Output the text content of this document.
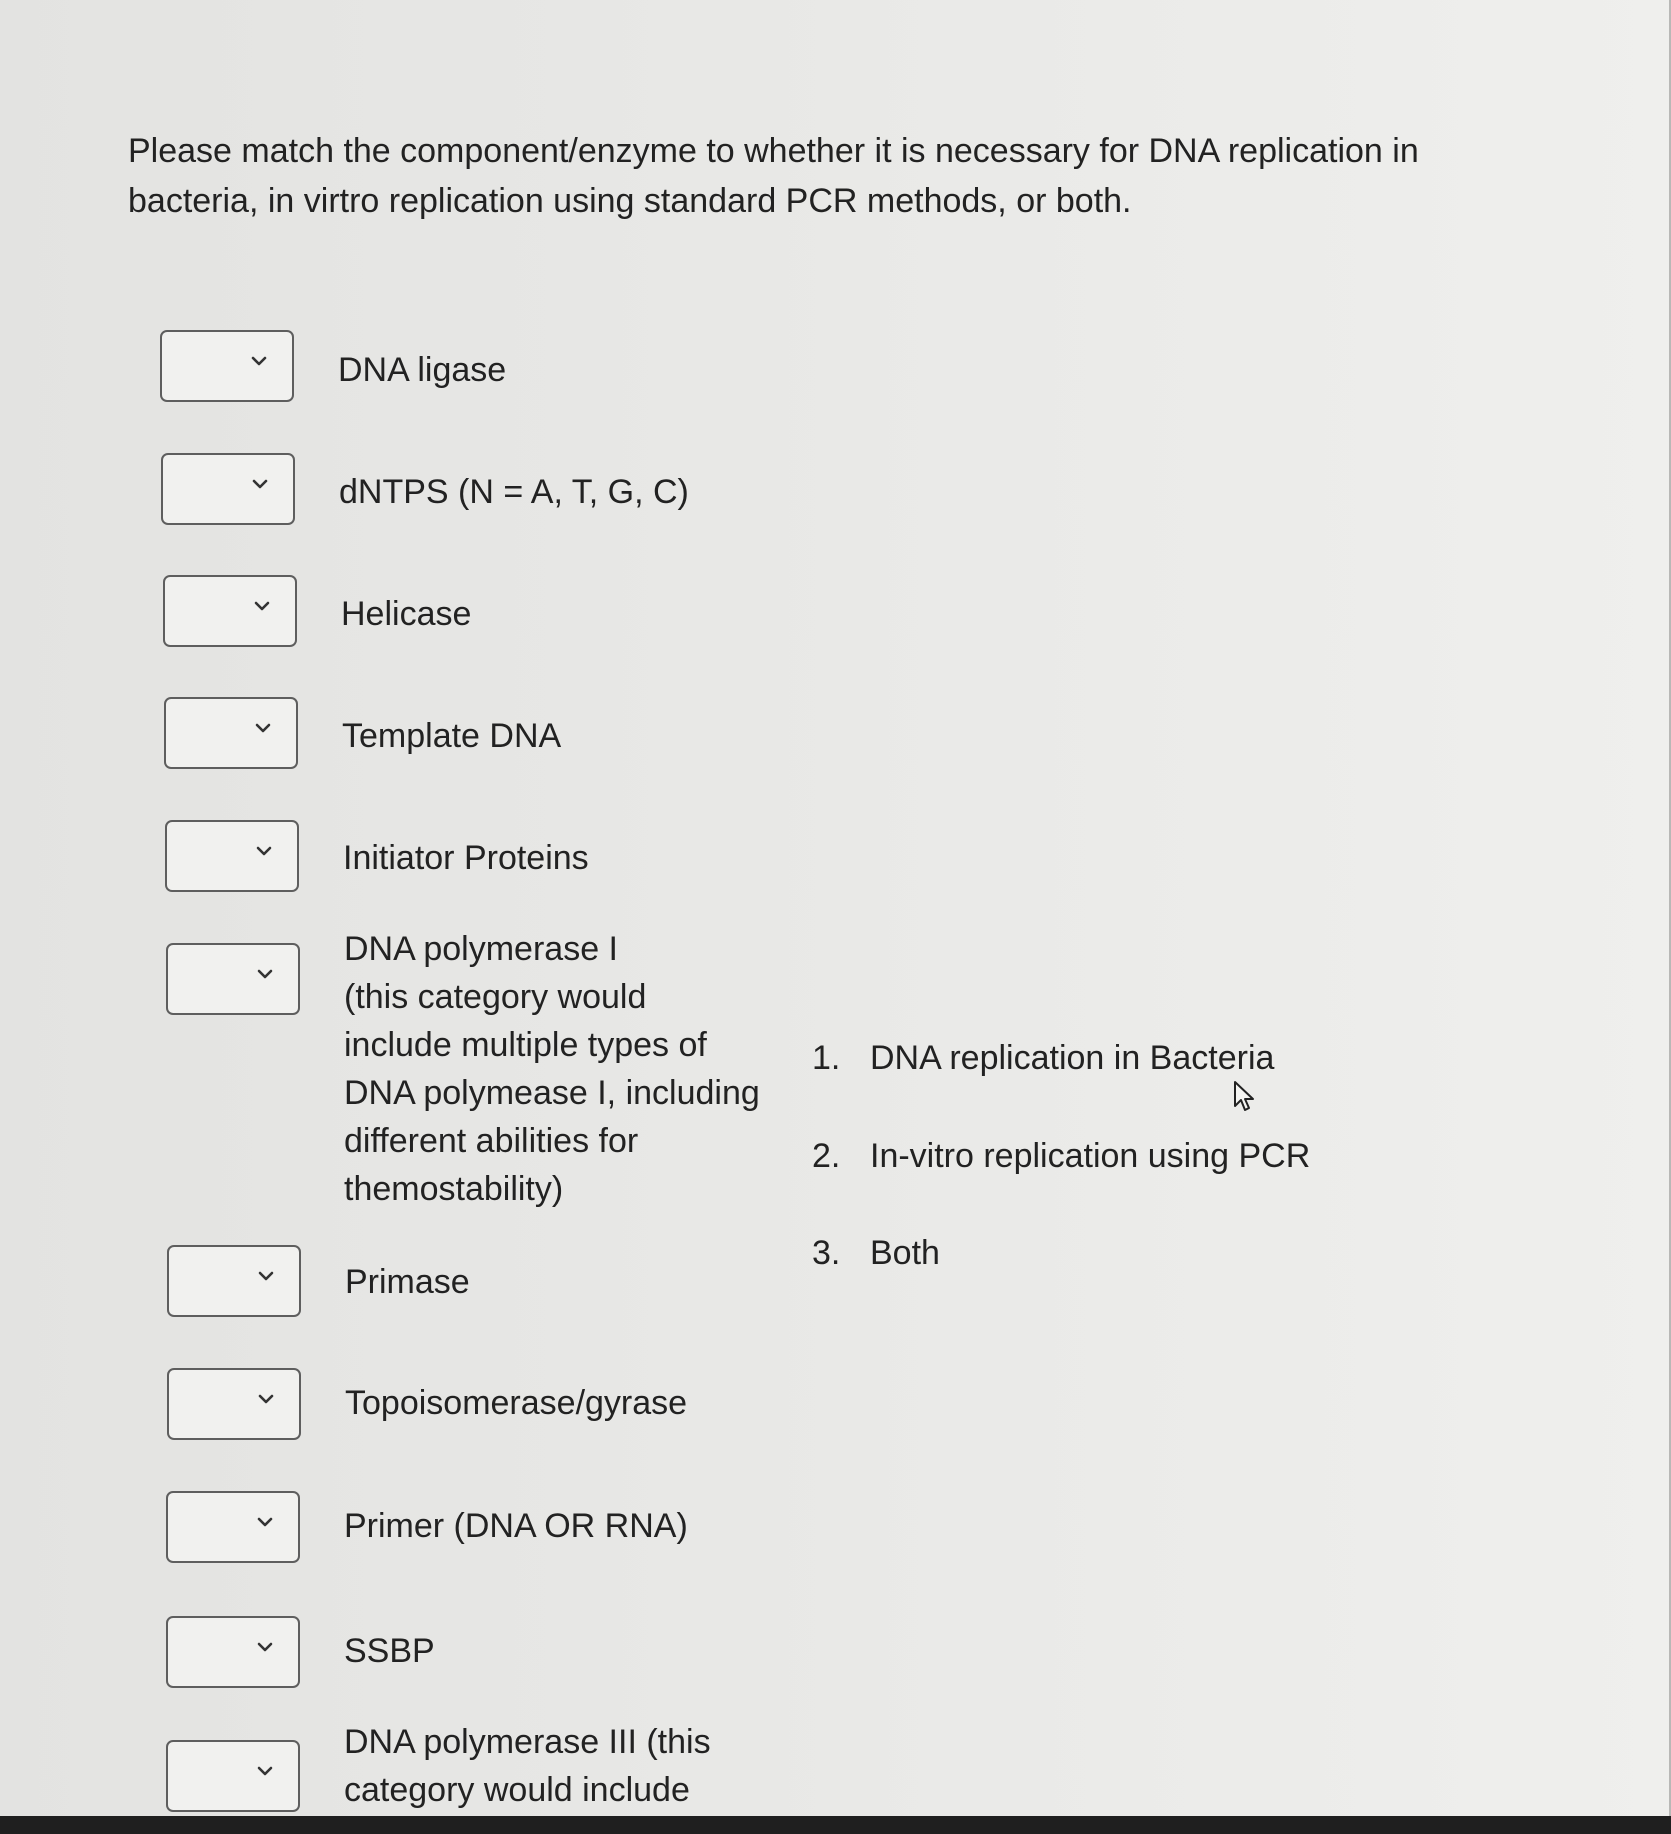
Please match the component/enzyme to whether it is necessary for DNA replication in bacteria, in virtro replication using standard PCR methods, or both.

DNA ligase
dNTPS (N = A, T, G, C)
Helicase
Template DNA
Initiator Proteins
DNA polymerase I
(this category would
include multiple types of
DNA polymease I, including
different abilities for
themostability)
Primase
Topoisomerase/gyrase
Primer (DNA OR RNA)
SSBP
DNA polymerase III (this
category would include
1. DNA replication in Bacteria
2. In-vitro replication using PCR
3. Both
